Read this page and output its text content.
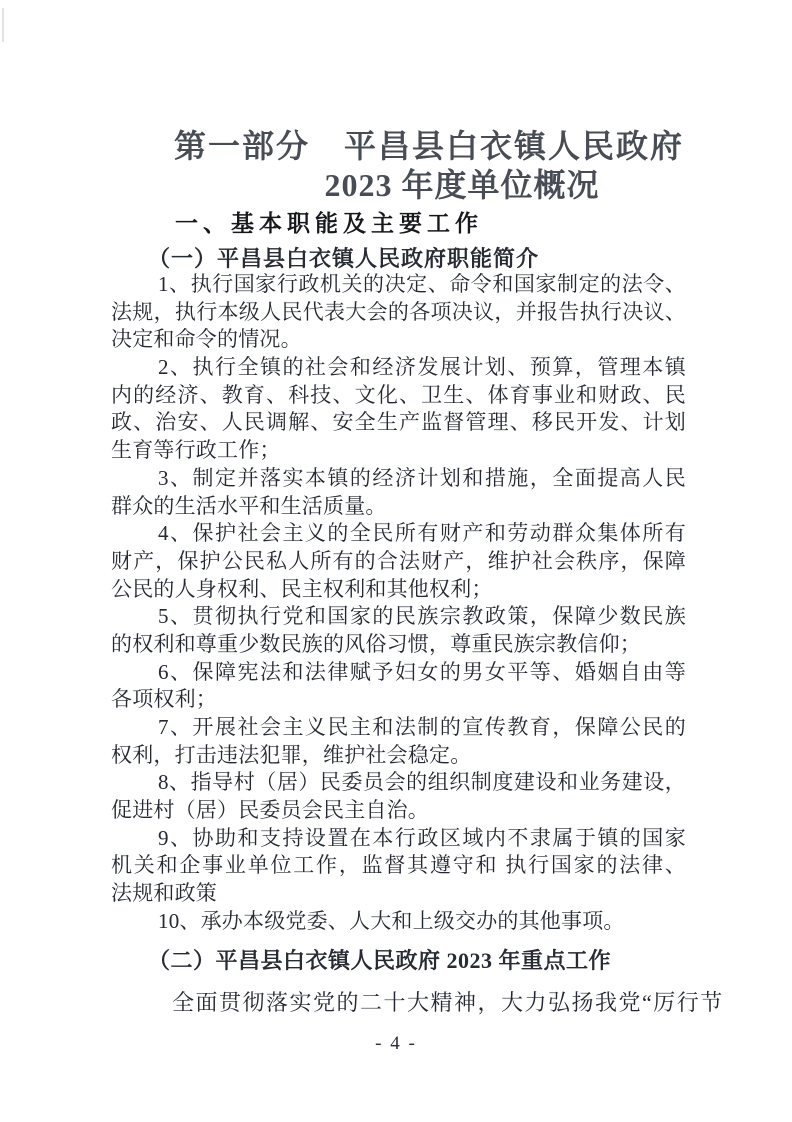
第一部分　平昌县白衣镇人民政府
2023 年度单位概况
一、基本职能及主要工作
（一）平昌县白衣镇人民政府职能简介
1、执行国家行政机关的决定、命令和国家制定的法令、
法规，执行本级人民代表大会的各项决议，并报告执行决议、
决定和命令的情况。
2、执行全镇的社会和经济发展计划、预算，管理本镇
内的经济、教育、科技、文化、卫生、体育事业和财政、民
政、治安、人民调解、安全生产监督管理、移民开发、计划
生育等行政工作；
3、制定并落实本镇的经济计划和措施，全面提高人民
群众的生活水平和生活质量。
4、保护社会主义的全民所有财产和劳动群众集体所有
财产，保护公民私人所有的合法财产，维护社会秩序，保障
公民的人身权利、民主权利和其他权利；
5、贯彻执行党和国家的民族宗教政策，保障少数民族
的权利和尊重少数民族的风俗习惯，尊重民族宗教信仰；
6、保障宪法和法律赋予妇女的男女平等、婚姻自由等
各项权利；
7、开展社会主义民主和法制的宣传教育，保障公民的
权利，打击违法犯罪，维护社会稳定。
8、指导村（居）民委员会的组织制度建设和业务建设，
促进村（居）民委员会民主自治。
9、协助和支持设置在本行政区域内不隶属于镇的国家
机关和企事业单位工作，监督其遵守和 执行国家的法律、
法规和政策
10、承办本级党委、人大和上级交办的其他事项。
（二）平昌县白衣镇人民政府 2023 年重点工作
全面贯彻落实党的二十大精神，大力弘扬我党“厉行节
- 4 -
